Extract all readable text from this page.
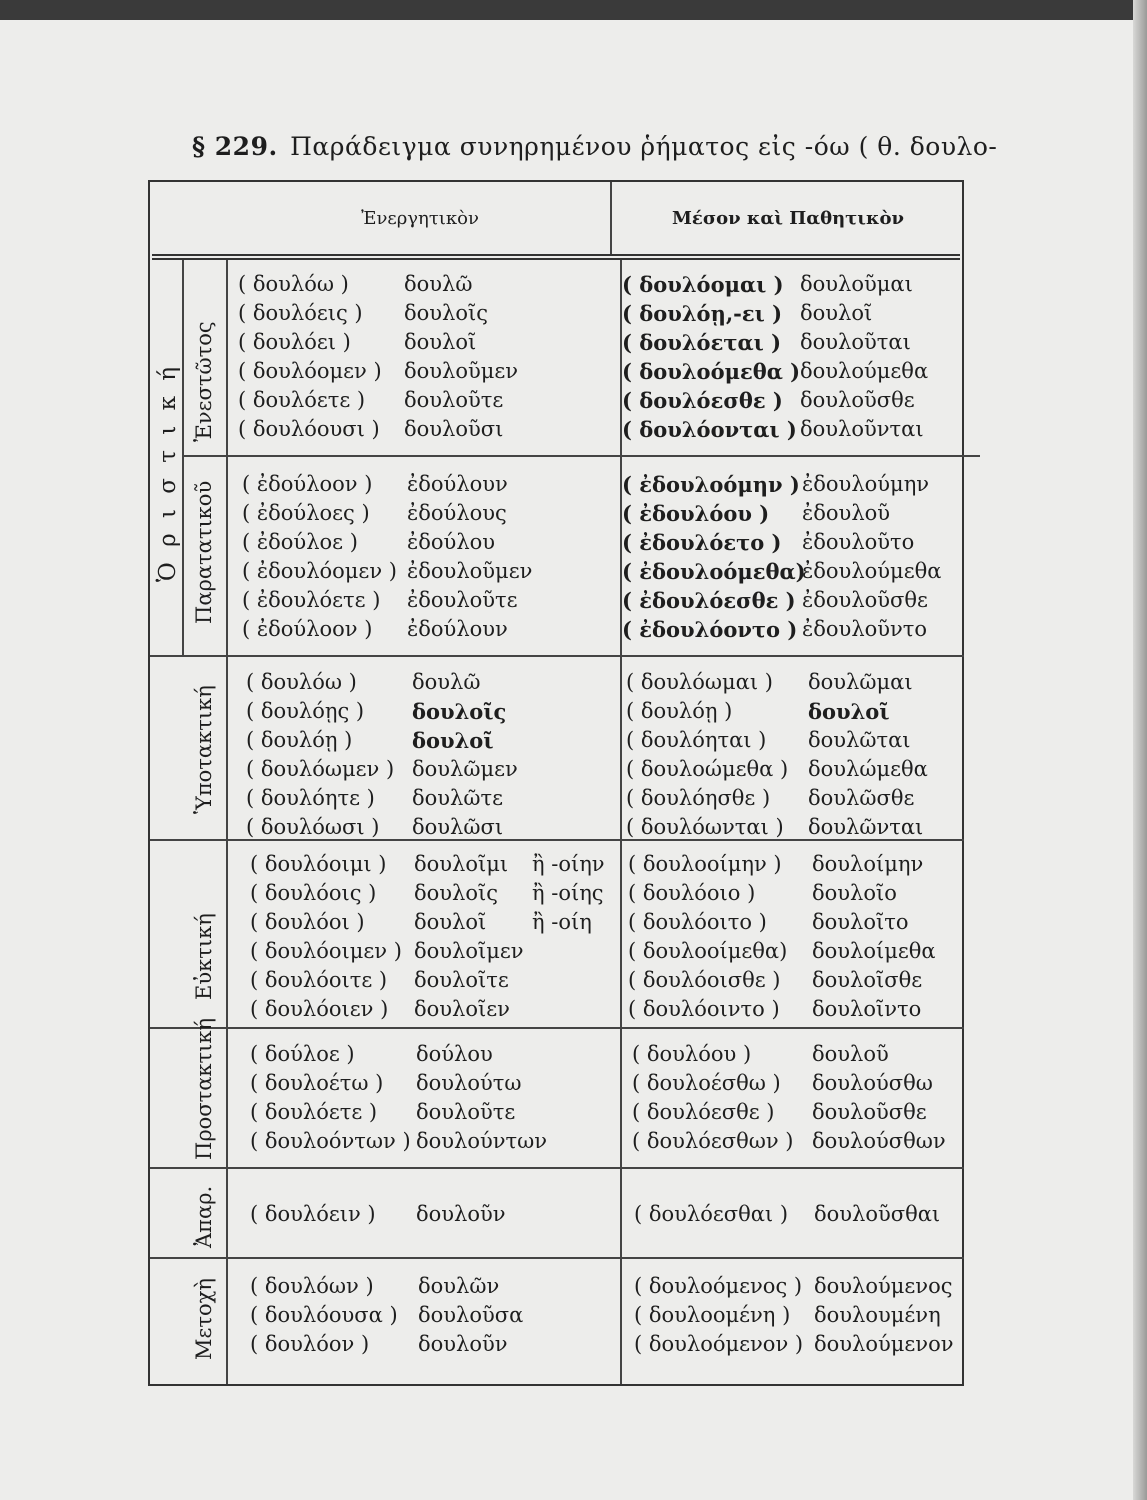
§ 229. Παράδειγμα συνηρημένου ῥήματος εἰς -όω ( θ. δουλο-
Ἐνεργητικὸν	Μέσον καὶ Παθητικὸν
Ὁ ρ ι σ τ ι κ ή Ἐνεστῶτος
Παρατατικοῦ
Ὑποτακτική
Εὐκτική
Προστακτική
Ἀπαρ.
Μετοχὴ
( δουλόω )
( δουλόεις )
( δουλόει )
( δουλόομεν )
( δουλόετε )
( δουλόουσι )
δουλῶ
δουλοῖς
δουλοῖ
δουλοῦμεν
δουλοῦτε
δουλοῦσι
( ἐδούλοον )
( ἐδούλοες )
( ἐδούλοε )
( ἐδουλόομεν )
( ἐδουλόετε )
( ἐδούλοον )
ἐδούλουν
ἐδούλους
ἐδούλου
ἐδουλοῦμεν
ἐδουλοῦτε
ἐδούλουν
( δουλόω )
( δουλόῃς )
( δουλόῃ )
( δουλόωμεν )
( δουλόητε )
( δουλόωσι )
δουλῶ
δουλοῖς
δουλοῖ
δουλῶμεν
δουλῶτε
δουλῶσι
( δουλόοιμι )
( δουλόοις )
( δουλόοι )
( δουλόοιμεν )
( δουλόοιτε )
( δουλόοιεν )
δουλοῖμι
δουλοῖς
δουλοῖ
δουλοῖμεν
δουλοῖτε
δουλοῖεν
ἢ -οίην
ἢ -οίης
ἢ -οίη
( δούλοε )
( δουλοέτω )
( δουλόετε )
( δουλοόντων )
δούλου
δουλούτω
δουλοῦτε
δουλούντων
( δουλόειν ) δουλοῦν
( δουλόων )
( δουλόουσα )
( δουλόον )
δουλῶν
δουλοῦσα
δουλοῦν
( δουλόομαι )
( δουλόῃ,-ει )
( δουλόεται )
( δουλοόμεθα )
( δουλόεσθε )
( δουλόονται )
δουλοῦμαι
δουλοῖ
δουλοῦται
δουλούμεθα
δουλοῦσθε
δουλοῦνται
( ἐδουλοόμην )
( ἐδουλόου )
( ἐδουλόετο )
( ἐδουλοόμεθα)
( ἐδουλόεσθε )
( ἐδουλόοντο )
ἐδουλούμην
ἐδουλοῦ
ἐδουλοῦτο
ἐδουλούμεθα
ἐδουλοῦσθε
ἐδουλοῦντο
( δουλόωμαι )
( δουλόῃ )
( δουλόηται )
( δουλοώμεθα )
( δουλόησθε )
( δουλόωνται )
δουλῶμαι
δουλοῖ
δουλῶται
δουλώμεθα
δουλῶσθε
δουλῶνται
( δουλοοίμην )
( δουλόοιο )
( δουλόοιτο )
( δουλοοίμεθα)
( δουλόοισθε )
( δουλόοιντο )
δουλοίμην
δουλοῖο
δουλοῖτο
δουλοίμεθα
δουλοῖσθε
δουλοῖντο
( δουλόου )
( δουλοέσθω )
( δουλόεσθε )
( δουλόεσθων )
δουλοῦ
δουλούσθω
δουλοῦσθε
δουλούσθων
( δουλόεσθαι ) δουλοῦσθαι
( δουλοόμενος )
( δουλοομένη )
( δουλοόμενον )
δουλούμενος
δουλουμένη
δουλούμενον
